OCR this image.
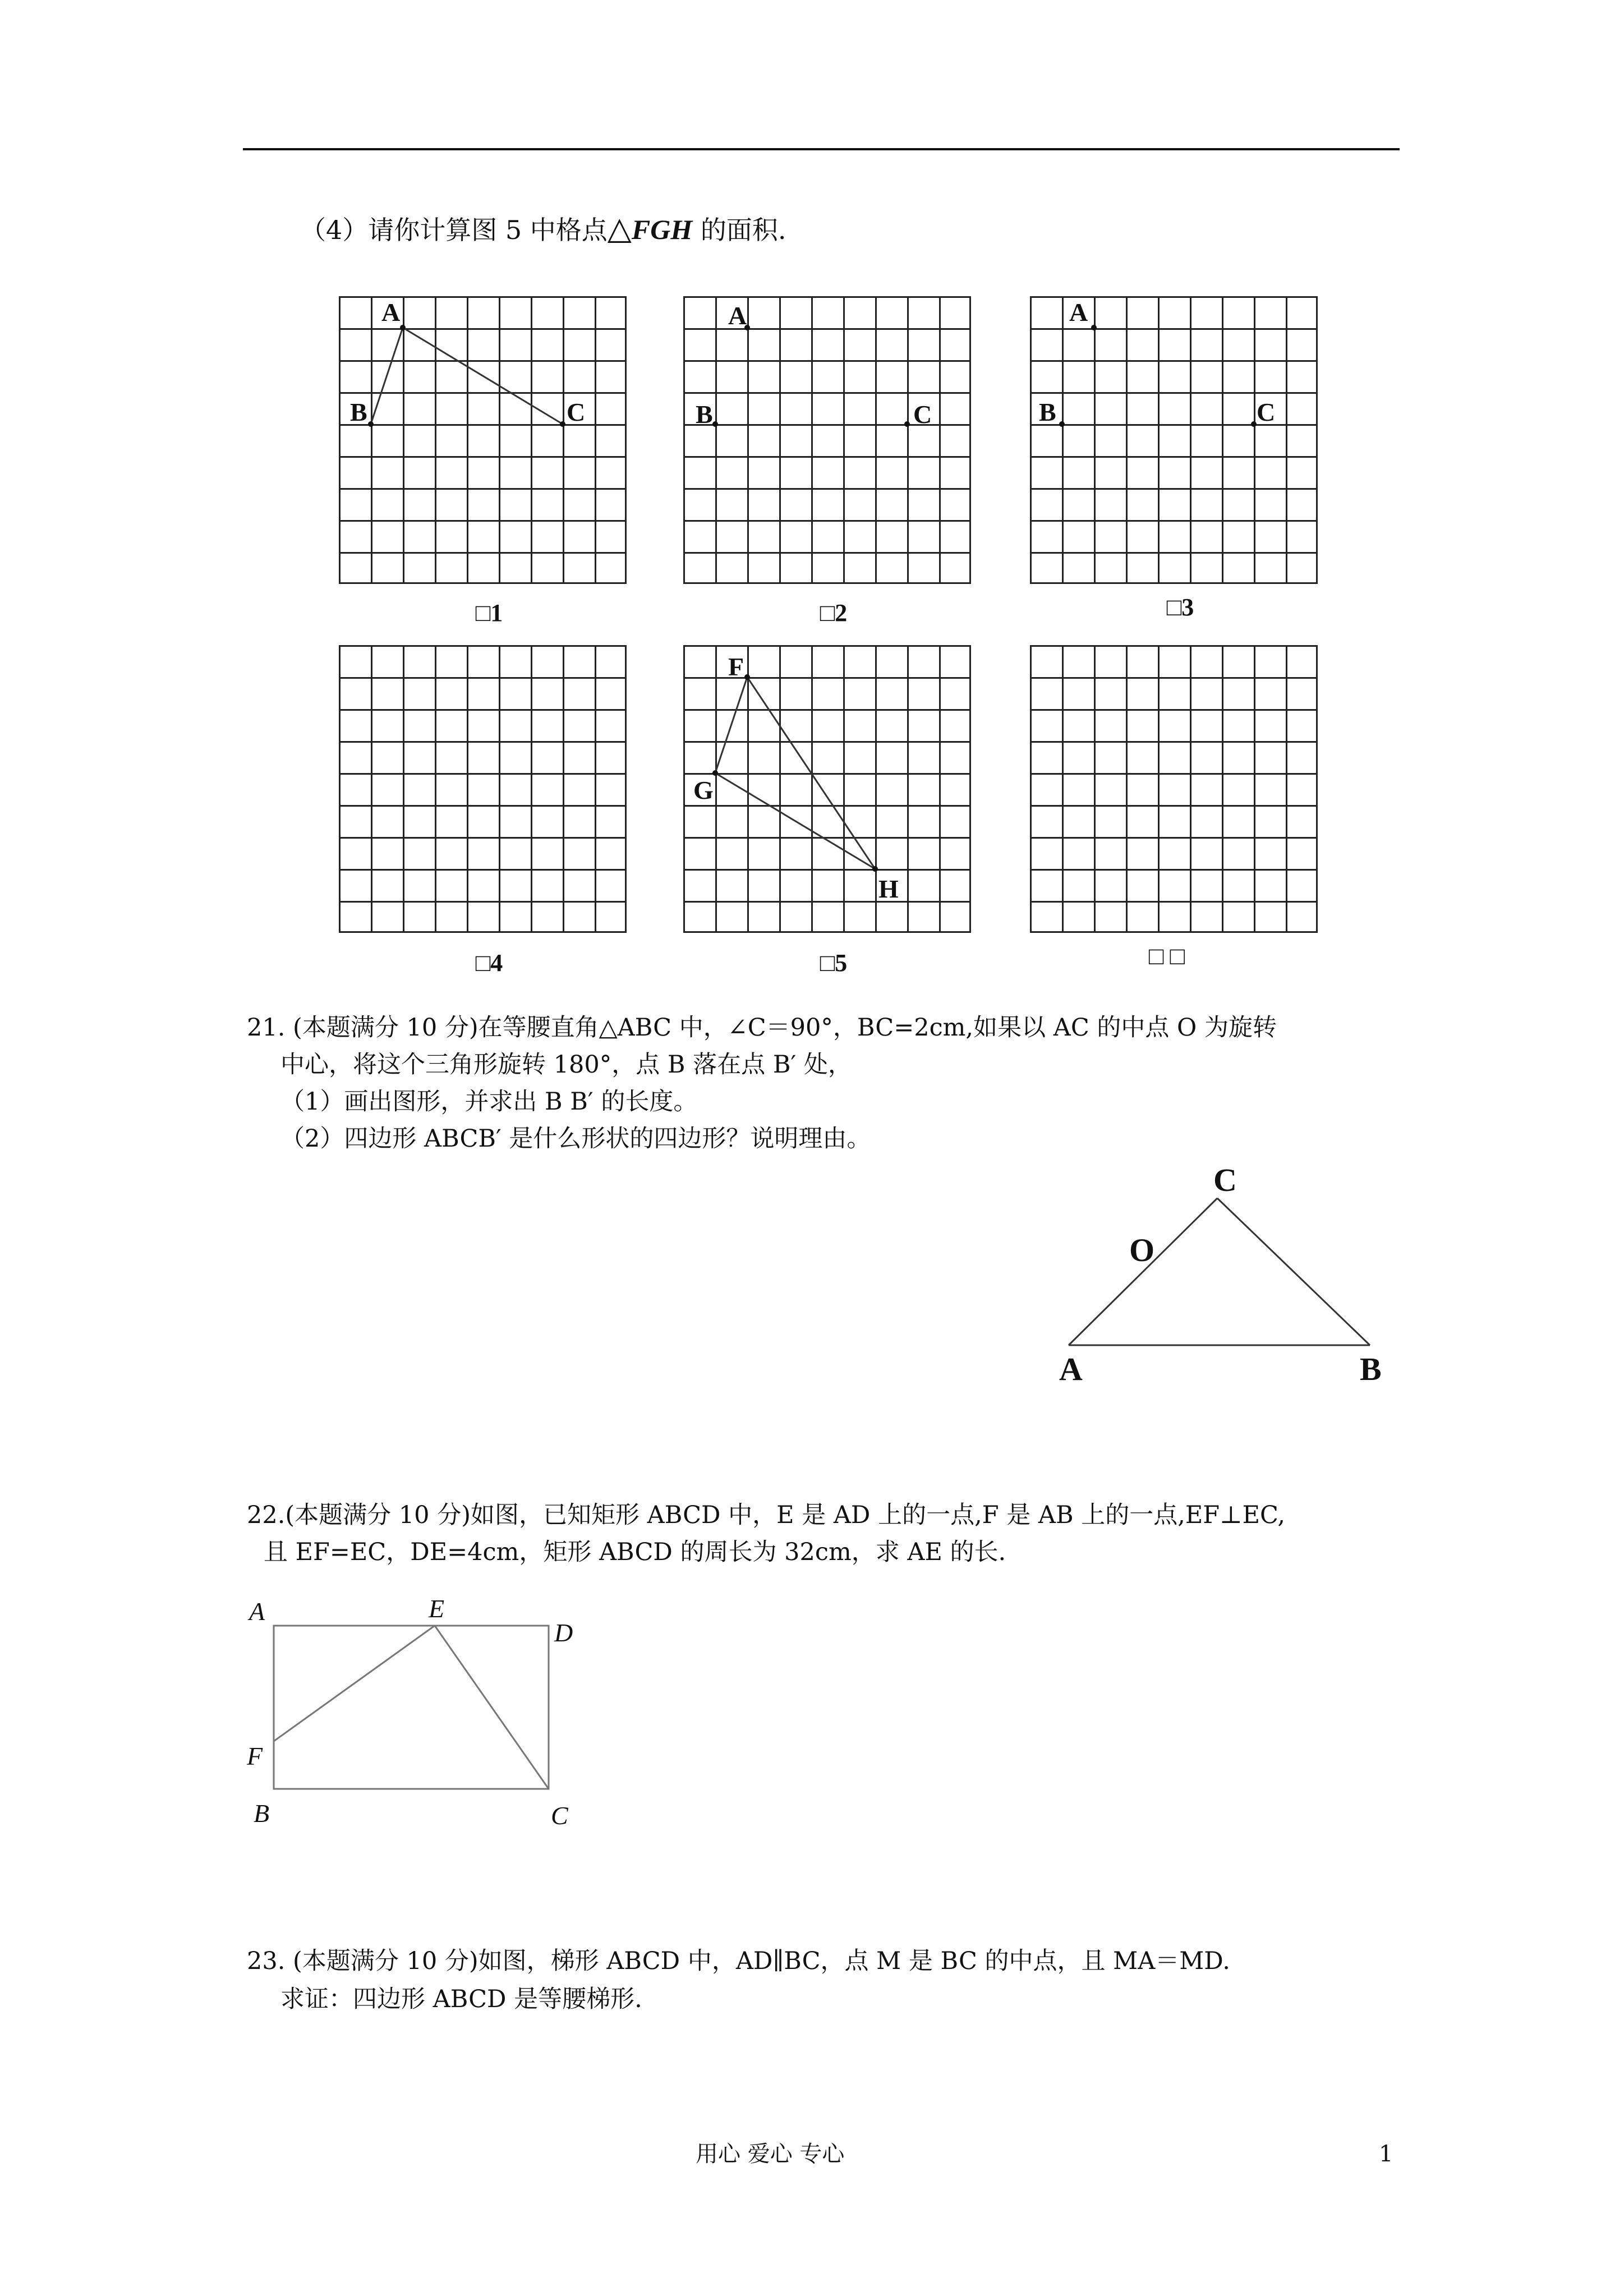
（4）请你计算图 5 中格点△FGH 的面积.
A
B	C
□1
A
B	C
□2
A
B	C
□3
□4
F
G
H
□5	□ □
21. (本题满分 10 分)在等腰直角△ABC 中，∠C＝90°，BC=2cm,如果以 AC 的中点 O 为旋转
中心，将这个三角形旋转 180°，点 B 落在点 B′ 处，
（1）画出图形，并求出 B B′ 的长度。
（2）四边形 ABCB′ 是什么形状的四边形？说明理由。
C
O
A	B
22.(本题满分 10 分)如图，已知矩形 ABCD 中，E 是 AD 上的一点,F 是 AB 上的一点,EF⊥EC,
且 EF=EC，DE=4cm，矩形 ABCD 的周长为 32cm，求 AE 的长.
A	E
D
F
B	C
23. (本题满分 10 分)如图，梯形 ABCD 中，AD∥BC，点 M 是 BC 的中点，且 MA＝MD.
求证：四边形 ABCD 是等腰梯形.
用心 爱心 专心	1
